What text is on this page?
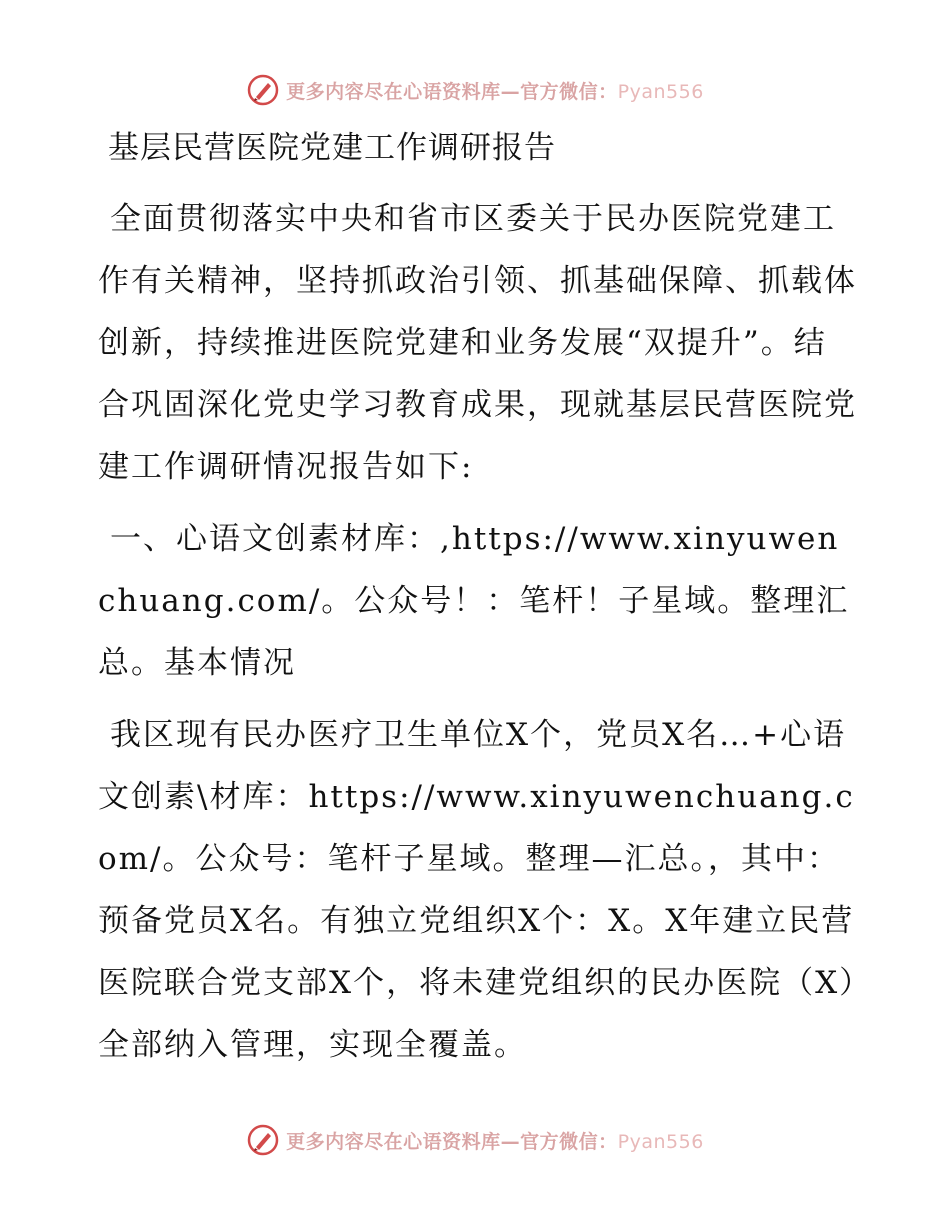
更多内容尽在心语资料库—官方微信：Pyan556
基层民营医院党建工作调研报告

全面贯彻落实中央和省市区委关于民办医院党建工作有关精神，坚持抓政治引领、抓基础保障、抓载体创新，持续推进医院党建和业务发展“双提升”。结合巩固深化党史学习教育成果，现就基层民营医院党建工作调研情况报告如下:

一、心语文创素材库：,https://www.xinyuwenchuang.com/。公众号！：笔杆！子星域。整理汇总。基本情况

我区现有民办医疗卫生单位X个，党员X名…+心语文创素\材库：https://www.xinyuwenchuang.com/。公众号：笔杆子星域。整理—汇总。，其中：预备党员X名。有独立党组织X个：X。X年建立民营医院联合党支部X个，将未建党组织的民办医院（X）全部纳入管理，实现全覆盖。

更多内容尽在心语资料库—官方微信：Pyan556
